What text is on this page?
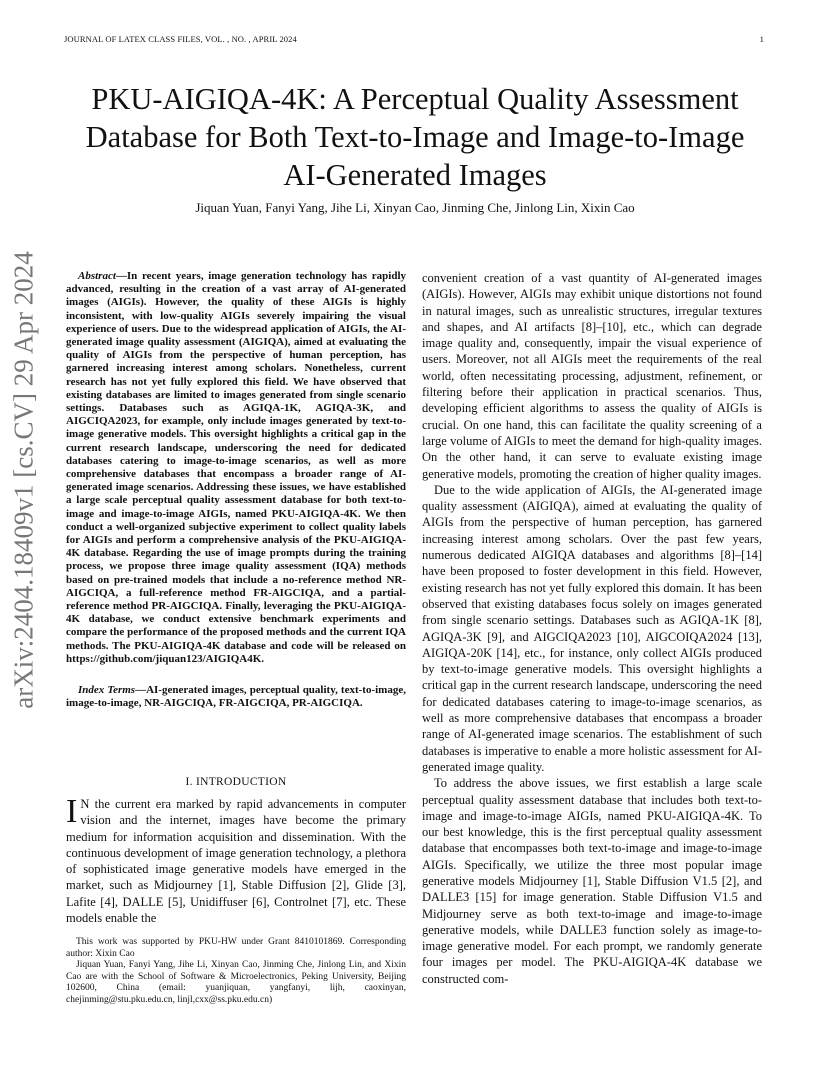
JOURNAL OF LATEX CLASS FILES, VOL. , NO. , APRIL 2024	1
arXiv:2404.18409v1 [cs.CV] 29 Apr 2024
PKU-AIGIQA-4K: A Perceptual Quality Assessment Database for Both Text-to-Image and Image-to-Image AI-Generated Images
Jiquan Yuan, Fanyi Yang, Jihe Li, Xinyan Cao, Jinming Che, Jinlong Lin, Xixin Cao

Abstract—In recent years, image generation technology has rapidly advanced, resulting in the creation of a vast array of AI-generated images (AIGIs). However, the quality of these AIGIs is highly inconsistent, with low-quality AIGIs severely impairing the visual experience of users. Due to the widespread application of AIGIs, the AI-generated image quality assessment (AIGIQA), aimed at evaluating the quality of AIGIs from the perspective of human perception, has garnered increasing interest among scholars. Nonetheless, current research has not yet fully explored this field. We have observed that existing databases are limited to images generated from single scenario settings. Databases such as AGIQA-1K, AGIQA-3K, and AIGCIQA2023, for example, only include images generated by text-to-image generative models. This oversight highlights a critical gap in the current research landscape, underscoring the need for dedicated databases catering to image-to-image scenarios, as well as more comprehensive databases that encompass a broader range of AI-generated image scenarios. Addressing these issues, we have established a large scale perceptual quality assessment database for both text-to-image and image-to-image AIGIs, named PKU-AIGIQA-4K. We then conduct a well-organized subjective experiment to collect quality labels for AIGIs and perform a comprehensive analysis of the PKU-AIGIQA-4K database. Regarding the use of image prompts during the training process, we propose three image quality assessment (IQA) methods based on pre-trained models that include a no-reference method NR-AIGCIQA, a full-reference method FR-AIGCIQA, and a partial-reference method PR-AIGCIQA. Finally, leveraging the PKU-AIGIQA-4K database, we conduct extensive benchmark experiments and compare the performance of the proposed methods and the current IQA methods. The PKU-AIGIQA-4K database and code will be released on https://github.com/jiquan123/AIGIQA4K.

Index Terms—AI-generated images, perceptual quality, text-to-image, image-to-image, NR-AIGCIQA, FR-AIGCIQA, PR-AIGCIQA.

I. INTRODUCTION

I N the current era marked by rapid advancements in computer vision and the internet, images have become the primary medium for information acquisition and dissemination. With the continuous development of image generation technology, a plethora of sophisticated image generative models have emerged in the market, such as Midjourney [1], Stable Diffusion [2], Glide [3], Lafite [4], DALLE [5], Unidiffuser [6], Controlnet [7], etc. These models enable the

This work was supported by PKU-HW under Grant 8410101869. Corresponding author: Xixin Cao

Jiquan Yuan, Fanyi Yang, Jihe Li, Xinyan Cao, Jinming Che, Jinlong Lin, and Xixin Cao are with the School of Software & Microelectronics, Peking University, Beijing 102600, China (email: yuanjiquan, yangfanyi, lijh, caoxinyan, chejinming@stu.pku.edu.cn, linjl,cxx@ss.pku.edu.cn)

convenient creation of a vast quantity of AI-generated images (AIGIs). However, AIGIs may exhibit unique distortions not found in natural images, such as unrealistic structures, irregular textures and shapes, and AI artifacts [8]–[10], etc., which can degrade image quality and, consequently, impair the visual experience of users. Moreover, not all AIGIs meet the requirements of the real world, often necessitating processing, adjustment, refinement, or filtering before their application in practical scenarios. Thus, developing efficient algorithms to assess the quality of AIGIs is crucial. On one hand, this can facilitate the quality screening of a large volume of AIGIs to meet the demand for high-quality images. On the other hand, it can serve to evaluate existing image generative models, promoting the creation of higher quality images.

Due to the wide application of AIGIs, the AI-generated image quality assessment (AIGIQA), aimed at evaluating the quality of AIGIs from the perspective of human perception, has garnered increasing interest among scholars. Over the past few years, numerous dedicated AIGIQA databases and algorithms [8]–[14] have been proposed to foster development in this field. However, existing research has not yet fully explored this domain. It has been observed that existing databases focus solely on images generated from single scenario settings. Databases such as AGIQA-1K [8], AGIQA-3K [9], and AIGCIQA2023 [10], AIGCOIQA2024 [13], AIGIQA-20K [14], etc., for instance, only collect AIGIs produced by text-to-image generative models. This oversight highlights a critical gap in the current research landscape, underscoring the need for dedicated databases catering to image-to-image scenarios, as well as more comprehensive databases that encompass a broader range of AI-generated image scenarios. The establishment of such databases is imperative to enable a more holistic assessment for AI-generated image quality.

To address the above issues, we first establish a large scale perceptual quality assessment database that includes both text-to-image and image-to-image AIGIs, named PKU-AIGIQA-4K. To our best knowledge, this is the first perceptual quality assessment database that encompasses both text-to-image and image-to-image AIGIs. Specifically, we utilize the three most popular image generative models Midjourney [1], Stable Diffusion V1.5 [2], and DALLE3 [15] for image generation. Stable Diffusion V1.5 and Midjourney serve as both text-to-image and image-to-image generative models, while DALLE3 function solely as image-to-image generative model. For each prompt, we randomly generate four images per model. The PKU-AIGIQA-4K database we constructed com-
